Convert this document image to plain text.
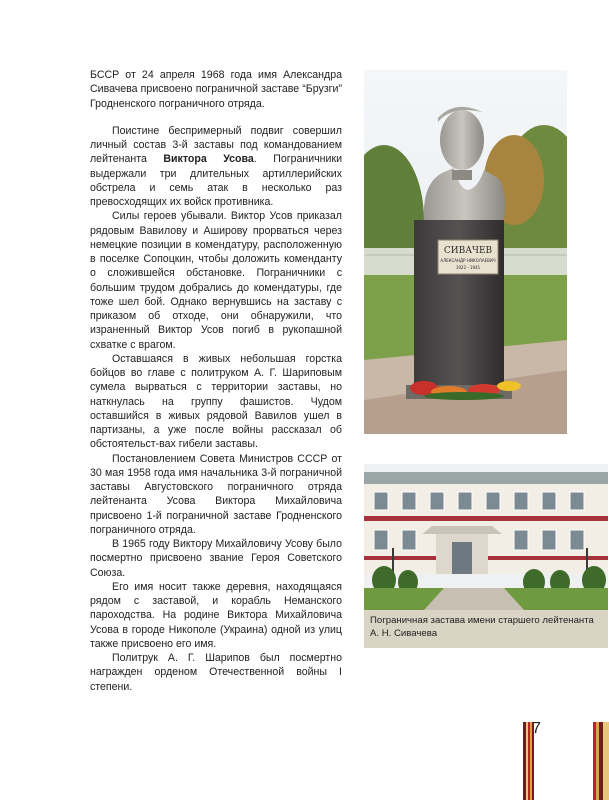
БССР от 24 апреля 1968 года имя Александра Сивачева присвоено пограничной заставе “Брузги” Гродненского пограничного отряда.

Поистине беспримерный подвиг совершил личный состав 3-й заставы под командованием лейтенанта Виктора Усова. Пограничники выдержали три длительных артиллерийских обстрела и семь атак в несколько раз превосходящих их войск противника.

Силы героев убывали. Виктор Усов приказал рядовым Вавилову и Аширову прорваться через немецкие позиции в комендатуру, расположенную в поселке Сопоцкин, чтобы доложить коменданту о сложившейся обстановке. Пограничники с большим трудом добрались до комендатуры, где тоже шел бой. Однако вернувшись на заставу с приказом об отходе, они обнаружили, что израненный Виктор Усов погиб в рукопашной схватке с врагом.

Оставшаяся в живых небольшая горстка бойцов во главе с политруком А. Г. Шариповым сумела вырваться с территории заставы, но наткнулась на группу фашистов. Чудом оставшийся в живых рядовой Вавилов ушел в партизаны, а уже после войны рассказал об обстоятельст-вах гибели заставы.

Постановлением Совета Министров СССР от 30 мая 1958 года имя начальника 3-й пограничной заставы Августовского пограничного отряда лейтенанта Усова Виктора Михайловича присвоено 1-й пограничной заставе Гродненского пограничного отряда.

В 1965 году Виктору Михайловичу Усову было посмертно присвоено звание Героя Советского Союза.

Его имя носит также деревня, находящаяся рядом с заставой, и корабль Неманского пароходства. На родине Виктора Михайловича Усова в городе Никополе (Украина) одной из улиц также присвоено его имя.

Политрук А. Г. Шарипов был посмертно награжден орденом Отечественной войны I степени.

СИВАЧЕВ
АЛЕКСАНДР НИКОЛАЕВИЧ
1922 - 1941
Пограничная застава имени старшего лейтенанта А. Н. Сивачева
7
